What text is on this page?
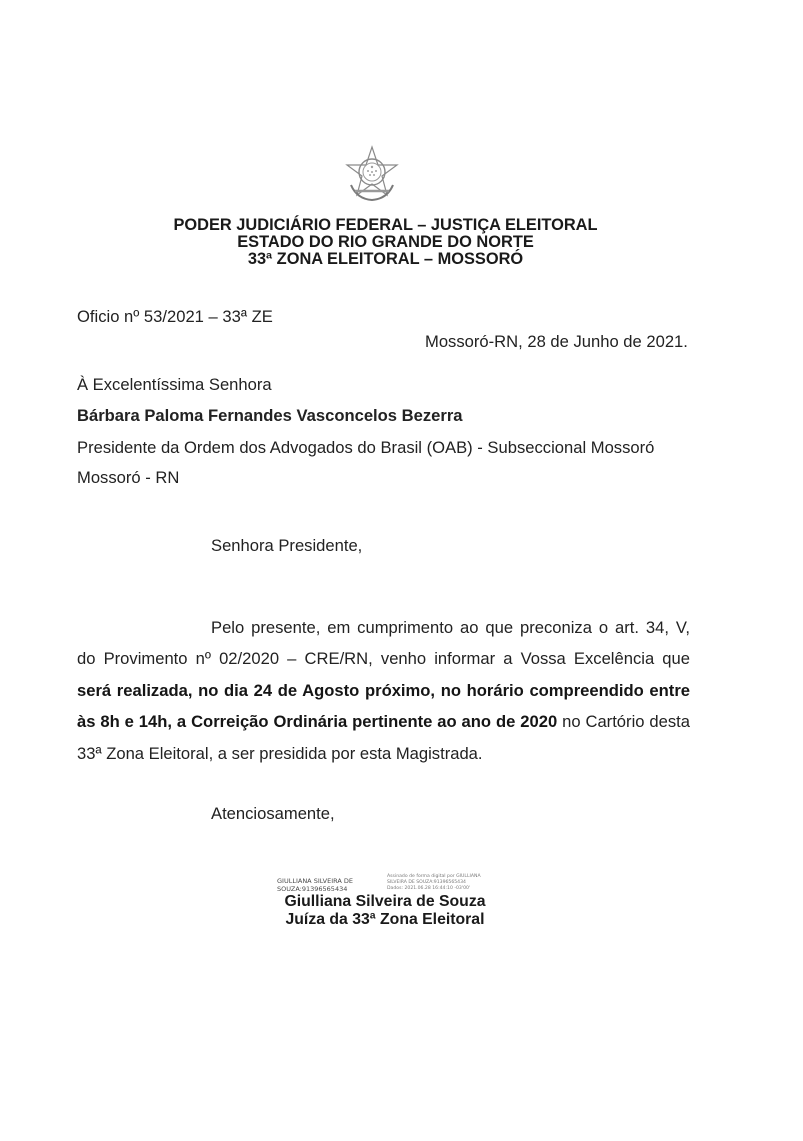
PODER JUDICIÁRIO FEDERAL – JUSTIÇA ELEITORAL
ESTADO DO RIO GRANDE DO NORTE
33ª ZONA ELEITORAL – MOSSORÓ
Oficio nº 53/2021 – 33ª ZE
Mossoró-RN, 28 de Junho de 2021.
À Excelentíssima Senhora
Bárbara Paloma Fernandes Vasconcelos Bezerra
Presidente da Ordem dos Advogados do Brasil (OAB) - Subseccional Mossoró
Mossoró - RN
Senhora Presidente,
Pelo presente, em cumprimento ao que preconiza o art. 34, V, do Provimento nº 02/2020 – CRE/RN, venho informar a Vossa Excelência que será realizada, no dia 24 de Agosto próximo, no horário compreendido entre às 8h e 14h, a Correição Ordinária pertinente ao ano de 2020 no Cartório desta 33ª Zona Eleitoral, a ser presidida por esta Magistrada.
Atenciosamente,
GIULLIANA SILVEIRA DE
SOUZA:91396565434
Assinado de forma digital por GIULLIANA
SILVEIRA DE SOUZA:91396565434
Dados: 2021.06.28 16:44:10 -03'00'
Giulliana Silveira de Souza
Juíza da 33ª Zona Eleitoral
